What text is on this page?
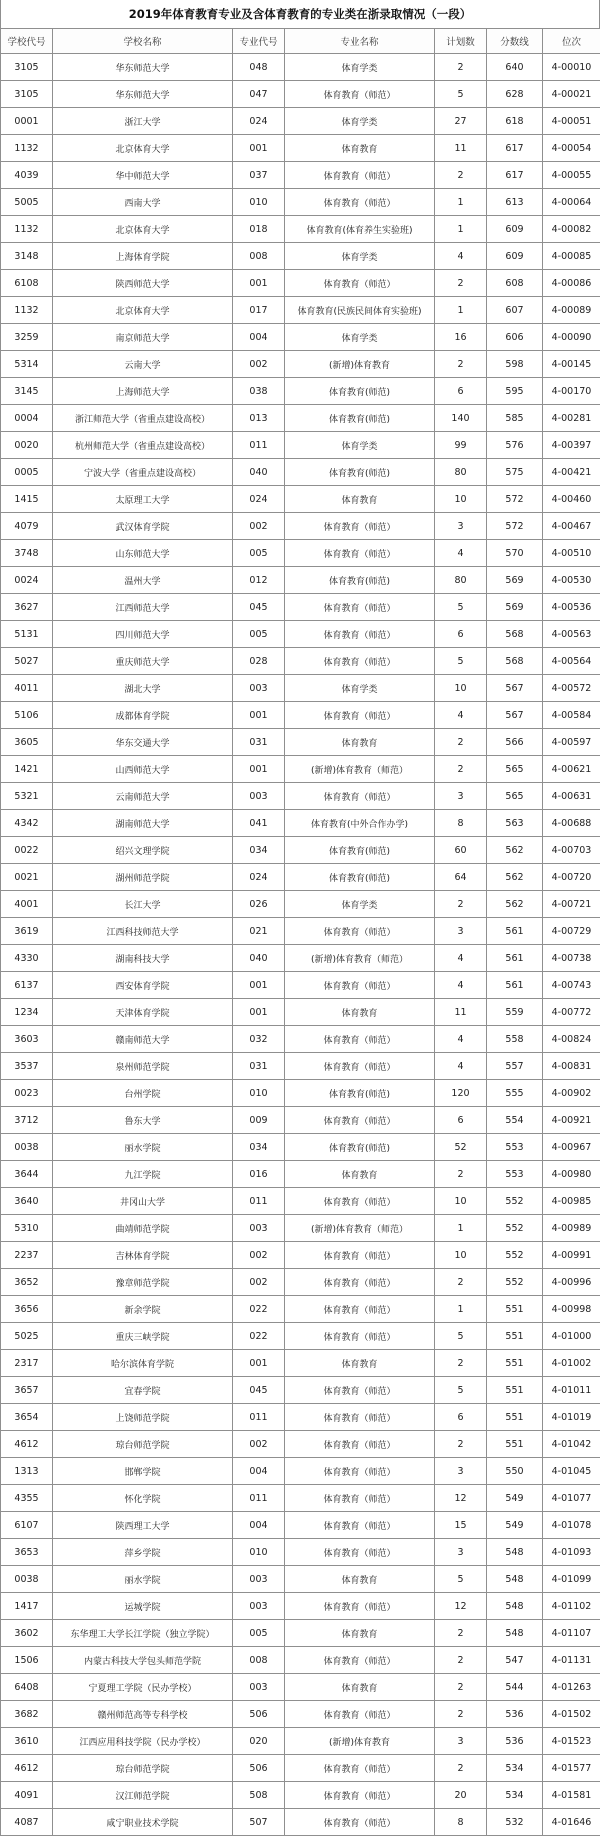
2019年体育教育专业及含体育教育的专业类在浙录取情况（一段）
学校代号	学校名称	专业代号	专业名称	计划数	分数线	位次
3105	华东师范大学	048	体育学类	2	640	4-00010
3105	华东师范大学	047	体育教育（师范）	5	628	4-00021
0001	浙江大学	024	体育学类	27	618	4-00051
1132	北京体育大学	001	体育教育	11	617	4-00054
4039	华中师范大学	037	体育教育（师范）	2	617	4-00055
5005	西南大学	010	体育教育（师范）	1	613	4-00064
1132	北京体育大学	018	体育教育(体育养生实验班)	1	609	4-00082
3148	上海体育学院	008	体育学类	4	609	4-00085
6108	陕西师范大学	001	体育教育（师范）	2	608	4-00086
1132	北京体育大学	017	体育教育(民族民间体育实验班)	1	607	4-00089
3259	南京师范大学	004	体育学类	16	606	4-00090
5314	云南大学	002	(新增)体育教育	2	598	4-00145
3145	上海师范大学	038	体育教育(师范)	6	595	4-00170
0004	浙江师范大学（省重点建设高校）	013	体育教育(师范)	140	585	4-00281
0020	杭州师范大学（省重点建设高校）	011	体育学类	99	576	4-00397
0005	宁波大学（省重点建设高校）	040	体育教育(师范)	80	575	4-00421
1415	太原理工大学	024	体育教育	10	572	4-00460
4079	武汉体育学院	002	体育教育（师范）	3	572	4-00467
3748	山东师范大学	005	体育教育（师范）	4	570	4-00510
0024	温州大学	012	体育教育(师范)	80	569	4-00530
3627	江西师范大学	045	体育教育（师范）	5	569	4-00536
5131	四川师范大学	005	体育教育（师范）	6	568	4-00563
5027	重庆师范大学	028	体育教育（师范）	5	568	4-00564
4011	湖北大学	003	体育学类	10	567	4-00572
5106	成都体育学院	001	体育教育（师范）	4	567	4-00584
3605	华东交通大学	031	体育教育	2	566	4-00597
1421	山西师范大学	001	(新增)体育教育（师范）	2	565	4-00621
5321	云南师范大学	003	体育教育（师范）	3	565	4-00631
4342	湖南师范大学	041	体育教育(中外合作办学)	8	563	4-00688
0022	绍兴文理学院	034	体育教育(师范)	60	562	4-00703
0021	湖州师范学院	024	体育教育(师范)	64	562	4-00720
4001	长江大学	026	体育学类	2	562	4-00721
3619	江西科技师范大学	021	体育教育（师范）	3	561	4-00729
4330	湖南科技大学	040	(新增)体育教育（师范）	4	561	4-00738
6137	西安体育学院	001	体育教育（师范）	4	561	4-00743
1234	天津体育学院	001	体育教育	11	559	4-00772
3603	赣南师范大学	032	体育教育（师范）	4	558	4-00824
3537	泉州师范学院	031	体育教育（师范）	4	557	4-00831
0023	台州学院	010	体育教育(师范)	120	555	4-00902
3712	鲁东大学	009	体育教育（师范）	6	554	4-00921
0038	丽水学院	034	体育教育(师范)	52	553	4-00967
3644	九江学院	016	体育教育	2	553	4-00980
3640	井冈山大学	011	体育教育（师范）	10	552	4-00985
5310	曲靖师范学院	003	(新增)体育教育（师范）	1	552	4-00989
2237	吉林体育学院	002	体育教育（师范）	10	552	4-00991
3652	豫章师范学院	002	体育教育（师范）	2	552	4-00996
3656	新余学院	022	体育教育（师范）	1	551	4-00998
5025	重庆三峡学院	022	体育教育（师范）	5	551	4-01000
2317	哈尔滨体育学院	001	体育教育	2	551	4-01002
3657	宜春学院	045	体育教育（师范）	5	551	4-01011
3654	上饶师范学院	011	体育教育（师范）	6	551	4-01019
4612	琼台师范学院	002	体育教育（师范）	2	551	4-01042
1313	邯郸学院	004	体育教育（师范）	3	550	4-01045
4355	怀化学院	011	体育教育（师范）	12	549	4-01077
6107	陕西理工大学	004	体育教育（师范）	15	549	4-01078
3653	萍乡学院	010	体育教育（师范）	3	548	4-01093
0038	丽水学院	003	体育教育	5	548	4-01099
1417	运城学院	003	体育教育（师范）	12	548	4-01102
3602	东华理工大学长江学院（独立学院）	005	体育教育	2	548	4-01107
1506	内蒙古科技大学包头师范学院	008	体育教育（师范）	2	547	4-01131
6408	宁夏理工学院（民办学校）	003	体育教育	2	544	4-01263
3682	赣州师范高等专科学校	506	体育教育（师范）	2	536	4-01502
3610	江西应用科技学院（民办学校）	020	(新增)体育教育	3	536	4-01523
4612	琼台师范学院	506	体育教育（师范）	2	534	4-01577
4091	汉江师范学院	508	体育教育（师范）	20	534	4-01581
4087	咸宁职业技术学院	507	体育教育（师范）	8	532	4-01646
